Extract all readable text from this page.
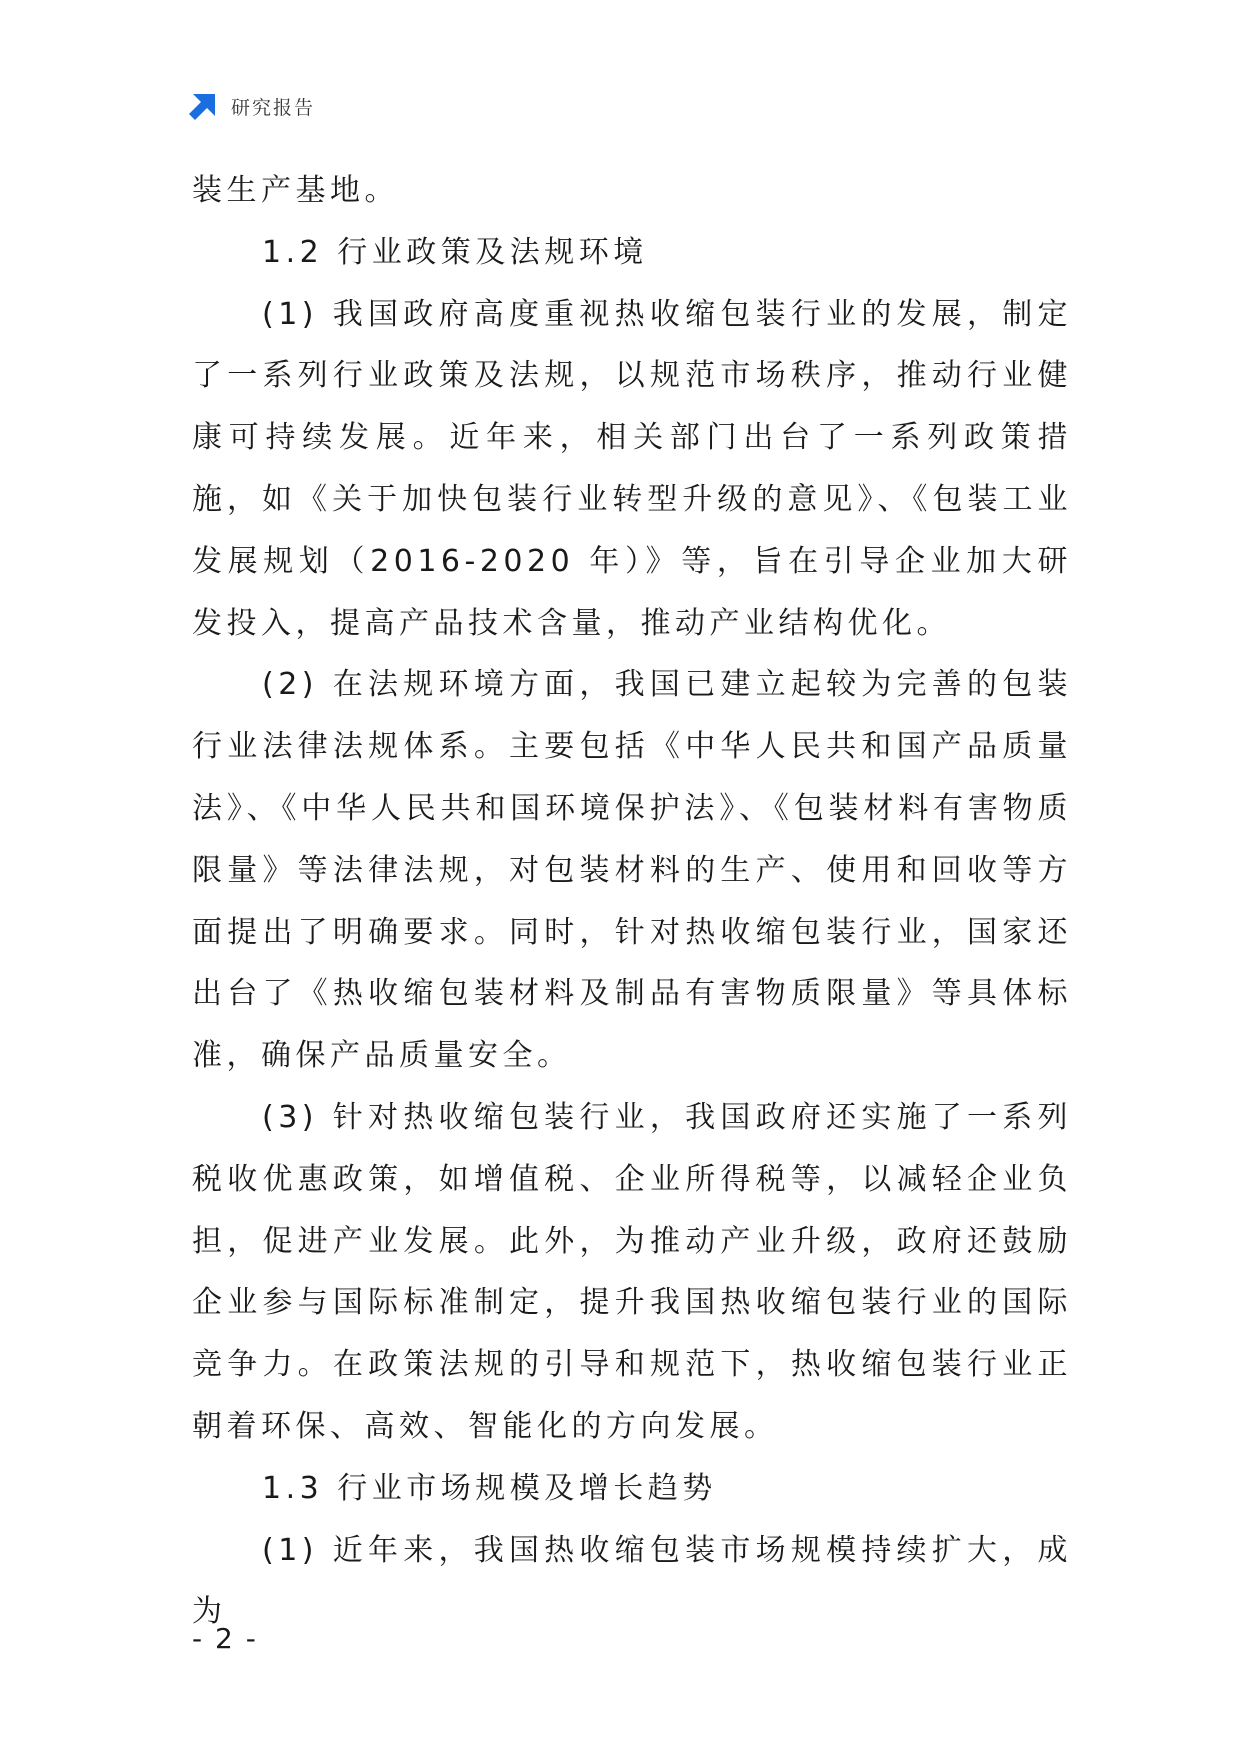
研究报告

装生产基地。

1.2 行业政策及法规环境

(1) 我国政府高度重视热收缩包装行业的发展，制定了一系列行业政策及法规，以规范市场秩序，推动行业健康可持续发展。近年来，相关部门出台了一系列政策措施，如《关于加快包装行业转型升级的意见》、《包装工业发展规划（2016-2020 年）》等，旨在引导企业加大研发投入，提高产品技术含量，推动产业结构优化。

(2) 在法规环境方面，我国已建立起较为完善的包装行业法律法规体系。主要包括《中华人民共和国产品质量法》、《中华人民共和国环境保护法》、《包装材料有害物质限量》等法律法规，对包装材料的生产、使用和回收等方面提出了明确要求。同时，针对热收缩包装行业，国家还出台了《热收缩包装材料及制品有害物质限量》等具体标准，确保产品质量安全。

(3) 针对热收缩包装行业，我国政府还实施了一系列税收优惠政策，如增值税、企业所得税等，以减轻企业负担，促进产业发展。此外，为推动产业升级，政府还鼓励企业参与国际标准制定，提升我国热收缩包装行业的国际竞争力。在政策法规的引导和规范下，热收缩包装行业正朝着环保、高效、智能化的方向发展。

1.3 行业市场规模及增长趋势

(1) 近年来，我国热收缩包装市场规模持续扩大，成为

- 2 -
